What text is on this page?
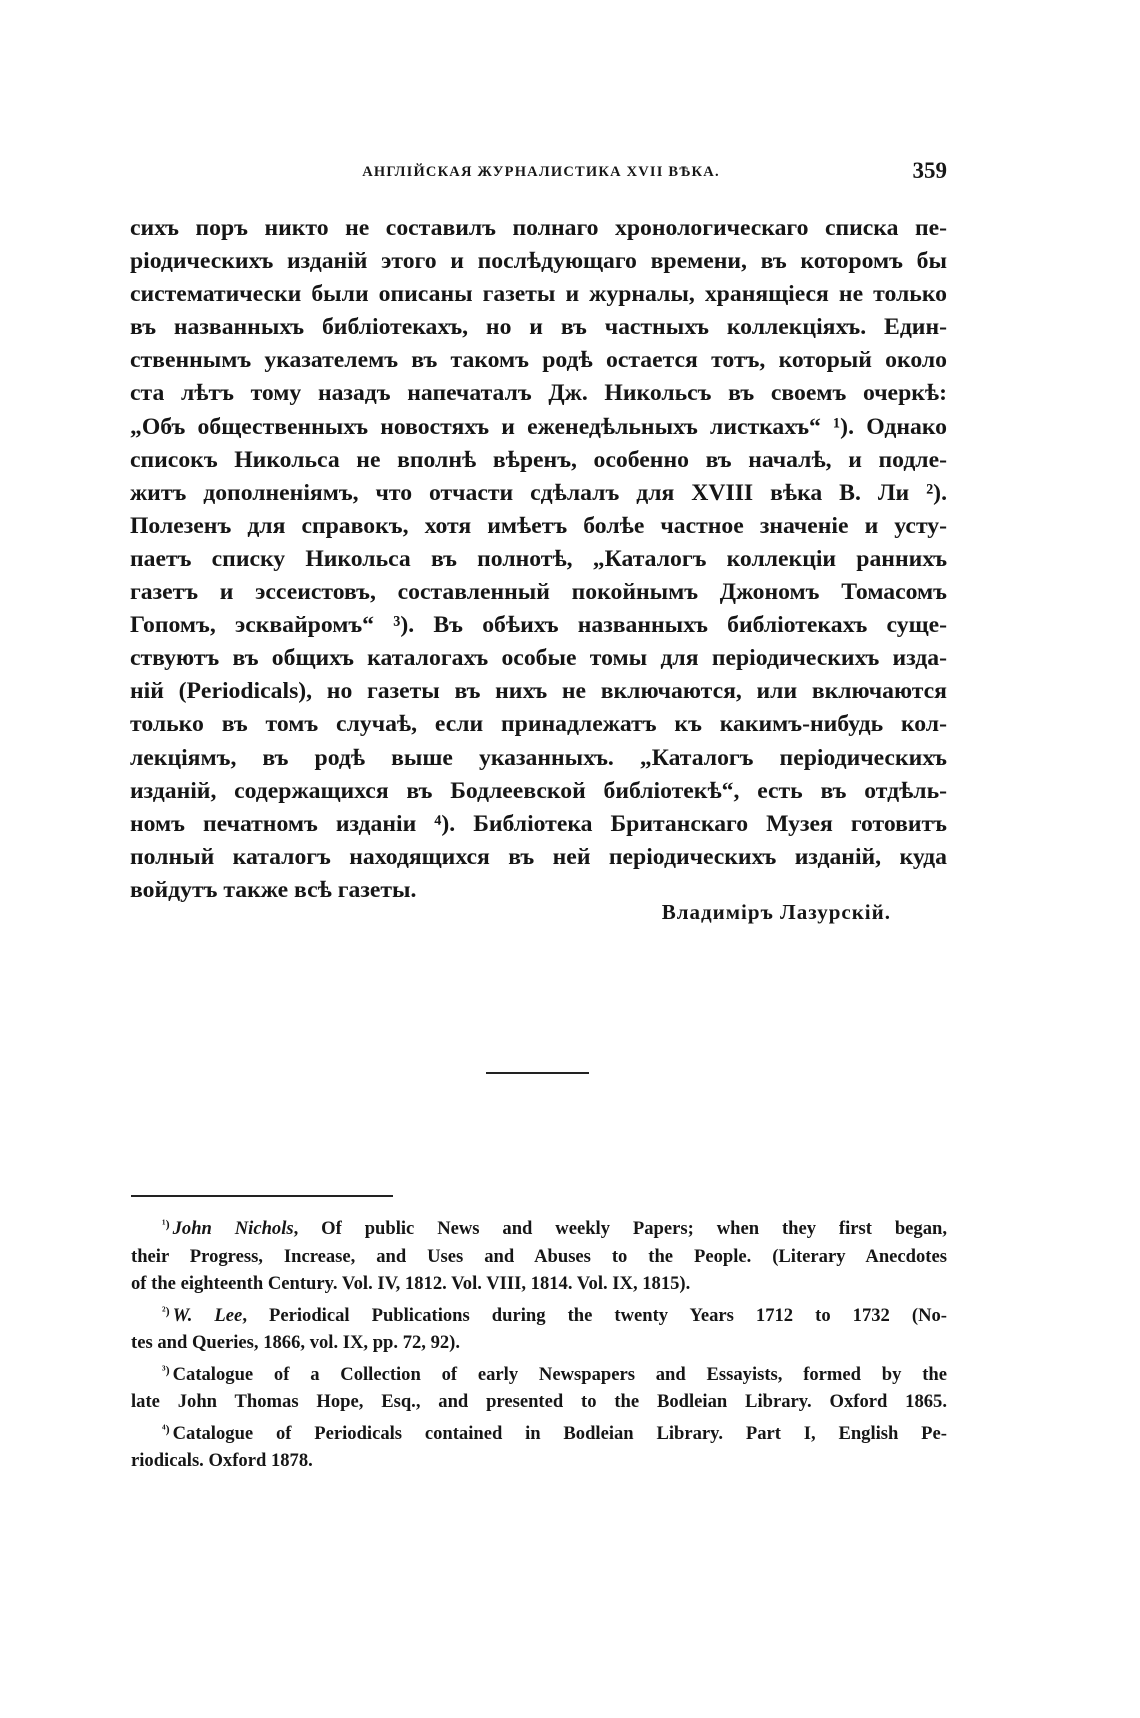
АНГЛІЙСКАЯ ЖУРНАЛИСТИКА XVII ВѢКА.	359
сихъ поръ никто не составилъ полнаго хронологическаго списка пе-
ріодическихъ изданій этого и послѣдующаго времени, въ которомъ бы
систематически были описаны газеты и журналы, хранящіеся не только
въ названныхъ библіотекахъ, но и въ частныхъ коллекціяхъ. Един-
ственнымъ указателемъ въ такомъ родѣ остается тотъ, который около
ста лѣтъ тому назадъ напечаталъ Дж. Никольсъ въ своемъ очеркѣ:
„Объ общественныхъ новостяхъ и еженедѣльныхъ листкахъ“ ¹). Однако
списокъ Никольса не вполнѣ вѣренъ, особенно въ началѣ, и подле-
житъ дополненіямъ, что отчасти сдѣлалъ для XVIII вѣка В. Ли ²).
Полезенъ для справокъ, хотя имѣетъ болѣе частное значеніе и усту-
паетъ списку Никольса въ полнотѣ, „Каталогъ коллекціи раннихъ
газетъ и эссеистовъ, составленный покойнымъ Джономъ Томасомъ
Гопомъ, эсквайромъ“ ³). Въ обѣихъ названныхъ библіотекахъ суще-
ствуютъ въ общихъ каталогахъ особые томы для періодическихъ изда-
ній (Periodicals), но газеты въ нихъ не включаются, или включаются
только въ томъ случаѣ, если принадлежатъ къ какимъ-нибудь кол-
лекціямъ, въ родѣ выше указанныхъ. „Каталогъ періодическихъ
изданій, содержащихся въ Бодлеевской библіотекѣ“, есть въ отдѣль-
номъ печатномъ изданіи ⁴). Библіотека Британскаго Музея готовитъ
полный каталогъ находящихся въ ней періодическихъ изданій, куда
войдутъ также всѣ газеты.
Владиміръ Лазурскій.
$^{^1)}$ John Nichols, Of public News and weekly Papers; when they first began,
their Progress, Increase, and Uses and Abuses to the People. (Literary Anecdotes
of the eighteenth Century. Vol. IV, 1812. Vol. VIII, 1814. Vol. IX, 1815).
$^{^2)}$ W. Lee, Periodical Publications during the twenty Years 1712 to 1732 (No-
tes and Queries, 1866, vol. IX, pp. 72, 92).
$^{^3)}$ Catalogue of a Collection of early Newspapers and Essayists, formed by the
late John Thomas Hope, Esq., and presented to the Bodleian Library. Oxford 1865.
$^{^4)}$ Catalogue of Periodicals contained in Bodleian Library. Part I, English Pe-
riodicals. Oxford 1878.
